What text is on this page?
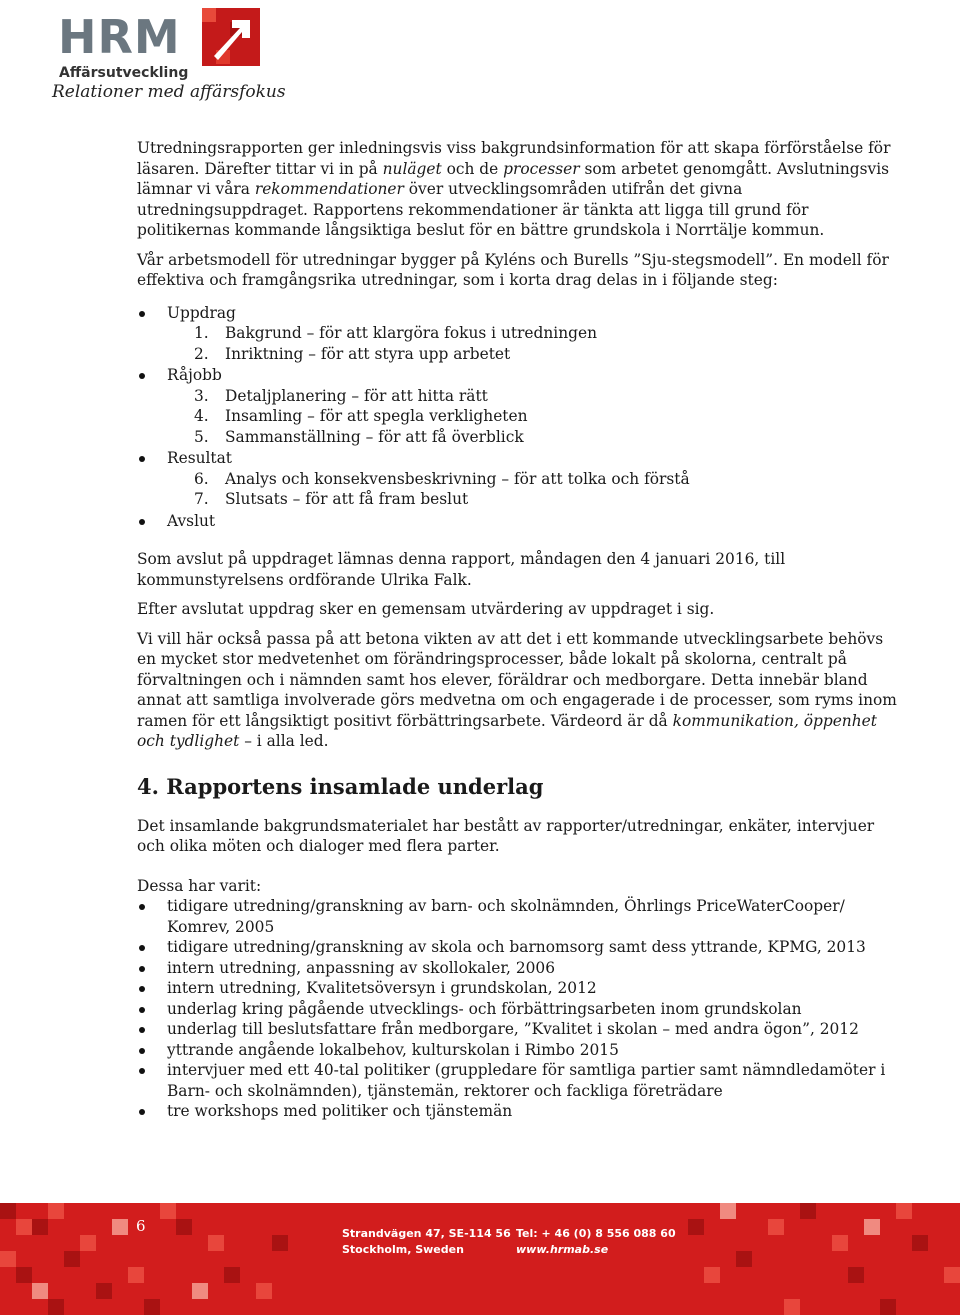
HRM
Affärsutveckling
Relationer med affärsfokus

Utredningsrapporten ger inledningsvis viss bakgrundsinformation för att skapa förförståelse för läsaren. Därefter tittar vi in på nuläget och de processer som arbetet genomgått. Avslutningsvis lämnar vi våra rekommendationer över utvecklingsområden utifrån det givna utredningsuppdraget. Rapportens rekommendationer är tänkta att ligga till grund för politikernas kommande långsiktiga beslut för en bättre grundskola i Norrtälje kommun.

Vår arbetsmodell för utredningar bygger på Kyléns och Burells ”Sju-stegsmodell”. En modell för effektiva och framgångsrika utredningar, som i korta drag delas in i följande steg:

Uppdrag
1. Bakgrund – för att klargöra fokus i utredningen
2. Inriktning – för att styra upp arbetet
Råjobb
3. Detaljplanering – för att hitta rätt
4. Insamling – för att spegla verkligheten
5. Sammanställning – för att få överblick
Resultat
6. Analys och konsekvensbeskrivning – för att tolka och förstå
7. Slutsats – för att få fram beslut
Avslut

Som avslut på uppdraget lämnas denna rapport, måndagen den 4 januari 2016, till kommunstyrelsens ordförande Ulrika Falk.

Efter avslutat uppdrag sker en gemensam utvärdering av uppdraget i sig.

Vi vill här också passa på att betona vikten av att det i ett kommande utvecklingsarbete behövs en mycket stor medvetenhet om förändringsprocesser, både lokalt på skolorna, centralt på förvaltningen och i nämnden samt hos elever, föräldrar och medborgare. Detta innebär bland annat att samtliga involverade görs medvetna om och engagerade i de processer, som ryms inom ramen för ett långsiktigt positivt förbättringsarbete. Värdeord är då kommunikation, öppenhet och tydlighet – i alla led.

4. Rapportens insamlade underlag

Det insamlande bakgrundsmaterialet har bestått av rapporter/utredningar, enkäter, intervjuer och olika möten och dialoger med flera parter.

Dessa har varit:

tidigare utredning/granskning av barn- och skolnämnden, Öhrlings PriceWaterCooper/ Komrev, 2005
tidigare utredning/granskning av skola och barnomsorg samt dess yttrande, KPMG, 2013
intern utredning, anpassning av skollokaler, 2006
intern utredning, Kvalitetsöversyn i grundskolan, 2012
underlag kring pågående utvecklings- och förbättringsarbeten inom grundskolan
underlag till beslutsfattare från medborgare, ”Kvalitet i skolan – med andra ögon”, 2012
yttrande angående lokalbehov, kulturskolan i Rimbo 2015
intervjuer med ett 40-tal politiker (gruppledare för samtliga partier samt nämndledamöter i Barn- och skolnämnden), tjänstemän, rektorer och fackliga företrädare
tre workshops med politiker och tjänstemän
6	Strandvägen 47, SE-114 56
Stockholm, Sweden
Tel: + 46 (0) 8 556 088 60
www.hrmab.se
